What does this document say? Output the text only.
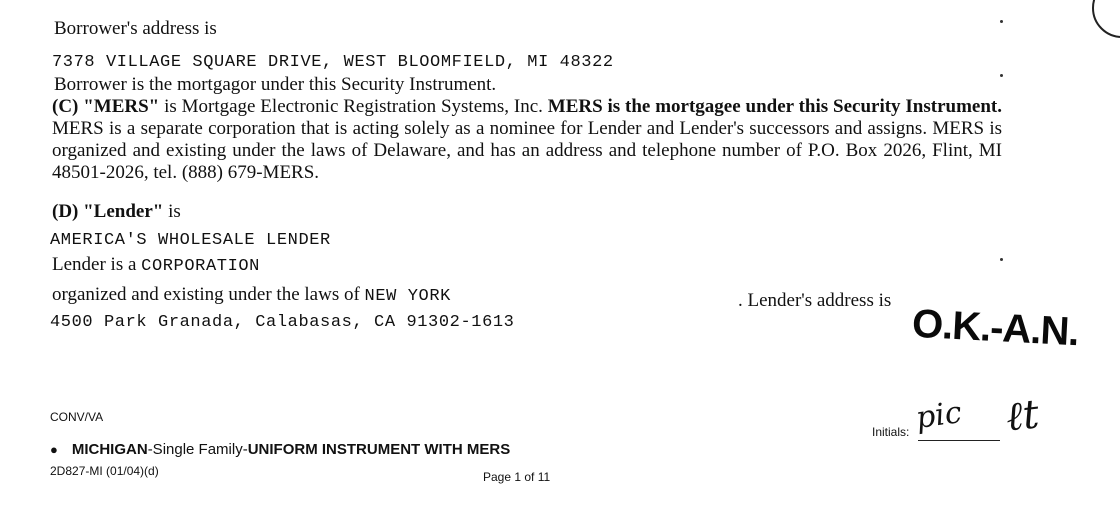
Borrower's address is
7378 VILLAGE SQUARE DRIVE, WEST BLOOMFIELD, MI 48322
Borrower is the mortgagor under this Security Instrument.
(C) "MERS" is Mortgage Electronic Registration Systems, Inc. MERS is the mortgagee under this Security Instrument. MERS is a separate corporation that is acting solely as a nominee for Lender and Lender's successors and assigns. MERS is organized and existing under the laws of Delaware, and has an address and telephone number of P.O. Box 2026, Flint, MI 48501-2026, tel. (888) 679-MERS.
(D) "Lender" is
AMERICA'S WHOLESALE LENDER
Lender is a CORPORATION
organized and existing under the laws of NEW YORK	. Lender's address is
4500 Park Granada, Calabasas, CA 91302-1613	O.K.-A.N.
CONV/VA
● MICHIGAN-Single Family-UNIFORM INSTRUMENT WITH MERS
2D827-MI (01/04)(d)	Page 1 of 11
Initials: pic ℓt
